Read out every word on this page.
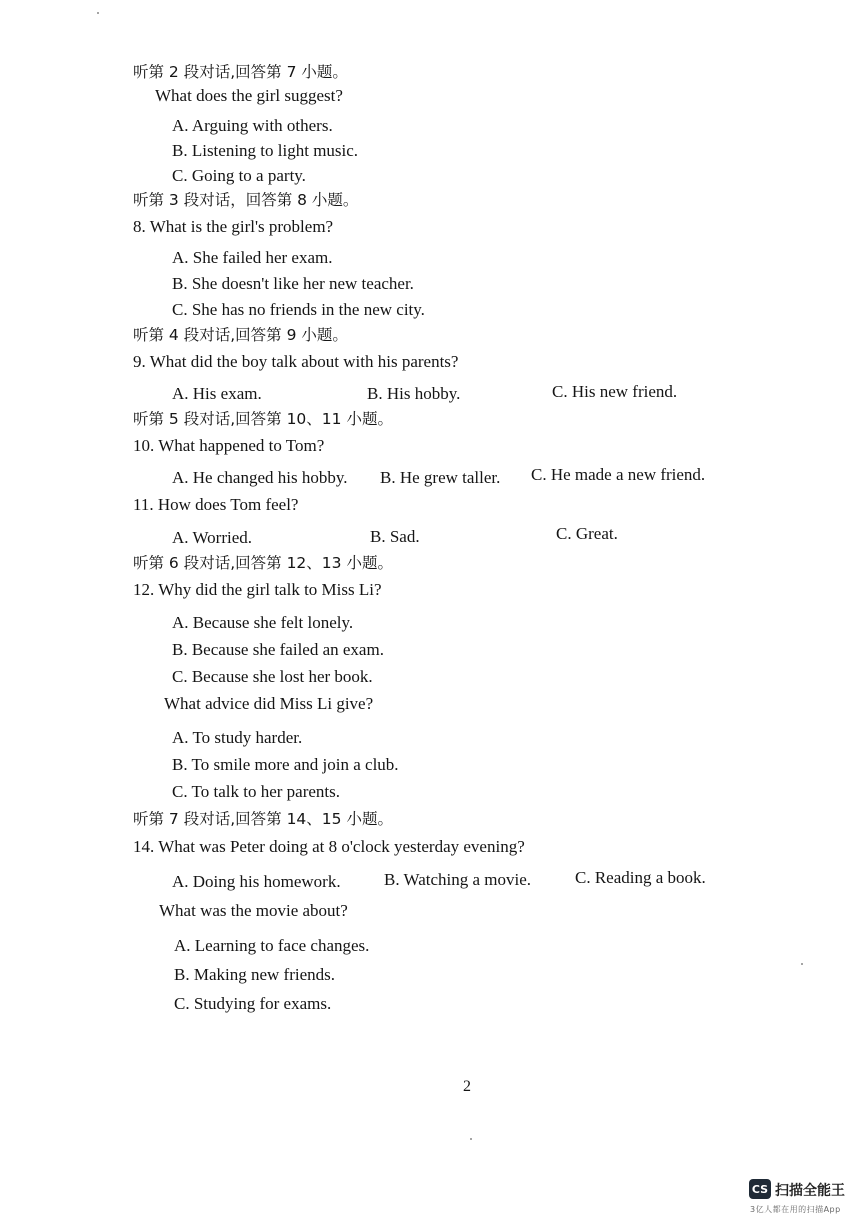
听第 2 段对话,回答第 7 小题。
What does the girl suggest?
A. Arguing with others.
B. Listening to light music.
C. Going to a party.
听第 3 段对话，回答第 8 小题。
8. What is the girl's problem?
A. She failed her exam.
B. She doesn't like her new teacher.
C. She has no friends in the new city.
听第 4 段对话,回答第 9 小题。
9. What did the boy talk about with his parents?
A. His exam.	B. His hobby.	C. His new friend.
听第 5 段对话,回答第 10、11 小题。
10. What happened to Tom?
A. He changed his hobby. B. He grew taller. C. He made a new friend.
11. How does Tom feel?
A. Worried.	B. Sad.	C. Great.
听第 6 段对话,回答第 12、13 小题。
12. Why did the girl talk to Miss Li?
A. Because she felt lonely.
B. Because she failed an exam.
C. Because she lost her book.
What advice did Miss Li give?
A. To study harder.
B. To smile more and join a club.
C. To talk to her parents.
听第 7 段对话,回答第 14、15 小题。
14. What was Peter doing at 8 o'clock yesterday evening?
A. Doing his homework.	B. Watching a movie.	C. Reading a book.
What was the movie about?
A. Learning to face changes.
B. Making new friends.
C. Studying for exams.
2
CS 扫描全能王
3亿人都在用的扫描App
